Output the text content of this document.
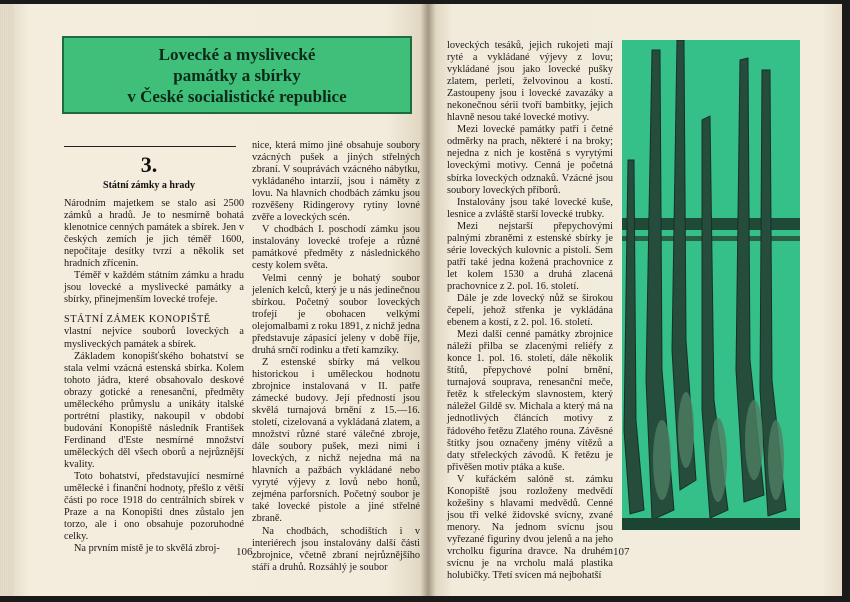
Lovecké a myslivecké
památky a sbírky
v České socialistické republice
3.
Státní zámky a hrady

Národním majetkem se stalo asi 2500 zámků a hradů. Je to nesmírně bohatá klenotnice cenných památek a sbírek. Jen v českých zemích je jich téměř 1600, nepočítaje desítky tvrzí a několik set hradních zřícenin.

Téměř v každém státním zámku a hradu jsou lovecké a myslivecké památky a sbírky, přinejmenším lovecké trofeje.

STÁTNÍ ZÁMEK KONOPIŠTĚ

vlastní nejvíce souborů loveckých a mysliveckých památek a sbírek.

Základem konopišťského bohatství se stala velmi vzácná estenská sbírka. Kolem tohoto jádra, které obsahovalo deskové obrazy gotické a renesanční, předměty uměleckého průmyslu a unikáty italské portrétní plastiky, nakoupil v období budování Konopiště následník František Ferdinand d'Este nesmírné množství uměleckých děl všech oborů a nejrůznější kvality.

Toto bohatství, představující nesmírné umělecké i finanční hodnoty, přešlo z větší části po roce 1918 do centrálních sbírek v Praze a na Konopišti dnes zůstalo jen torzo, ale i ono obsahuje pozoruhodné celky.

Na prvním místě je to skvělá zbroj-

nice, která mimo jiné obsahuje soubory vzácných pušek a jiných střelných zbraní. V souprávách vzácného nábytku, vykládaného intarzií, jsou i náměty z lovu. Na hlavních chodbách zámku jsou rozvěšeny Ridingerovy rytiny lovné zvěře a loveckých scén.

V chodbách I. poschodí zámku jsou instalovány lovecké trofeje a různé památkové předměty z následnického cesty kolem světa.

Velmi cenný je bohatý soubor jeleních kelců, který je u nás jedinečnou sbírkou. Početný soubor loveckých trofejí je obohacen velkými olejomalbami z roku 1891, z nichž jedna představuje zápasící jeleny v době říje, druhá srnčí rodinku a třetí kamzíky.

Z estenské sbírky má velkou historickou i uměleckou hodnotu zbrojnice instalovaná v II. patře zámecké budovy. Její předností jsou skvělá turnajová brnění z 15.—16. století, cizelovaná a vykládaná zlatem, a množství různé staré válečné zbroje, dále soubory pušek, mezi nimi i loveckých, z nichž nejedna má na hlavních a pažbách vykládané nebo vyryté výjevy z lovů nebo honů, zejména parforsních. Početný soubor je také lovecké pistole a jiné střelné zbraně.

Na chodbách, schodištích i v interiérech jsou instalovány další části zbrojnice, včetně zbraní nejrůznějšího stáří a druhů. Rozsáhlý je soubor

106

loveckých tesáků, jejich rukojeti mají ryté a vykládané výjevy z lovu; vykládané jsou jako lovecké pušky zlatem, perletí, želvovinou a kostí. Zastoupeny jsou i lovecké zavazáky a nekonečnou sérii tvoří bambitky, jejich hlavně nesou také lovecké motivy.

Mezi lovecké památky patří i četné odměrky na prach, některé i na broky; nejedna z nich je kostěná s vyrytými loveckými motivy. Cenná je početná sbírka loveckých odznaků. Vzácné jsou soubory loveckých příborů.

Instalovány jsou také lovecké kuše, lesnice a zvláště starší lovecké trubky.

Mezi nejstarší přepychovými palnými zbraněmi z estenské sbírky je série loveckých kulovnic a pistolí. Sem patří také jedna kožená prachovnice z let kolem 1530 a druhá zlacená prachovnice z 2. pol. 16. století.

Dále je zde lovecký nůž se širokou čepelí, jehož střenka je vykládána ebenem a kostí, z 2. pol. 16. století.

Mezi další cenné památky zbrojnice náleží přilba se zlacenými reliéfy z konce 1. pol. 16. století, dále několik štítů, přepychové polní brnění, turnajová souprava, renesanční meče, řetěz k střeleckým slavnostem, který náležel Gildě sv. Michala a který má na jednotlivých článcích motivy z řádového řetězu Zlatého rouna. Závěsné štítky jsou označeny jmény vítězů a daty střeleckých závodů. K řetězu je přivěšen motiv ptáka a kuše.

V kuřáckém salóně st. zámku Konopiště jsou rozloženy medvědí kožešiny s hlavami medvědů. Cenné jsou tři velké židovské svícny, zvané menory. Na jednom svícnu jsou vyřezané figuriny dvou jelenů a na jeho vrcholku figurína dravce. Na druhém svícnu je na vrcholu malá plastika holubičky. Třetí svícen má nejbohatší

107
